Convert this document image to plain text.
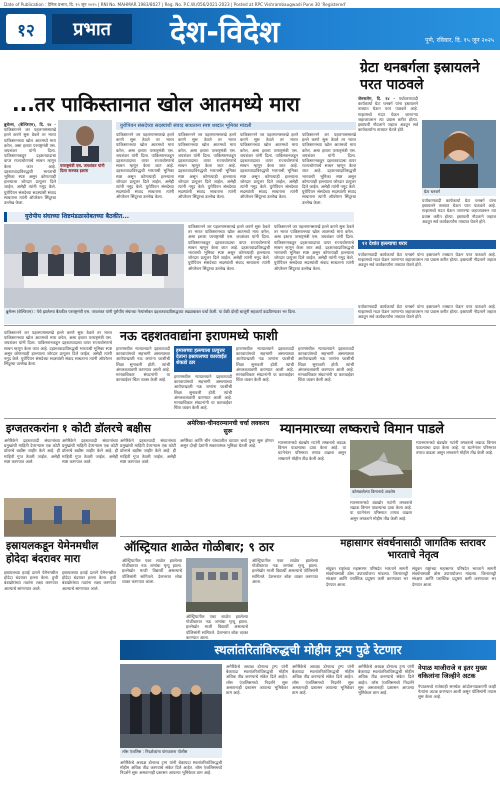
Date of Publication : दैनिक प्रभात, दि. १५ जून २०२५ | RNI No. MAHMAR 1983/8027 | Reg. No. P.C.W./056/2021-2023 | Posted at RPC Vishrambaugwadi Pune 30 'Registered'
१२	प्रभात	देश-विदेश	पुणे, रविवार, दि. १५ जून २०२५
...तर पाकिस्तानात खोल आतमध्ये मारा
ग्रेटा थनबर्गला इस्रायलने परत पाठवले
ब्रुसेल्स, (बेल्जियम), दि. १४ - पाकिस्तानने जर पहलगामसारखे हल्ले करणे सुरू ठेवले तर भारत पाकिस्तानच्या खोल आतमध्ये मारा करेल, असा इशारा परराष्ट्रमंत्री एस. जयशंकर यांनी दिला. पाकिस्तानकडून दहशतवादाचा वापर राज्यधोरणाचे साधन म्हणून केला जात आहे. दहशतवादाविरुद्धची भारताची भूमिका स्पष्ट असून कोणत्याही हल्ल्याला जोरदार प्रत्युत्तर दिले जाईल, असेही त्यांनी नमूद केले. युरोपियन संसदेच्या सदस्यांशी संवाद साधताना त्यांनी ऑपरेशन सिंदूरचा उल्लेख केला.
परराष्ट्रमंत्री एस. जयशंकर यांनी दिला सज्जड इशारा
युरोपियन संसदेच्या सदस्यांशी संवाद साधताना स्पष्ट शब्दांत भूमिका मांडली
पाकिस्तानने जर पहलगामसारखे हल्ले करणे सुरू ठेवले तर भारत पाकिस्तानच्या खोल आतमध्ये मारा करेल, असा इशारा परराष्ट्रमंत्री एस. जयशंकर यांनी दिला. पाकिस्तानकडून दहशतवादाचा वापर राज्यधोरणाचे साधन म्हणून केला जात आहे. दहशतवादाविरुद्धची भारताची भूमिका स्पष्ट असून कोणत्याही हल्ल्याला जोरदार प्रत्युत्तर दिले जाईल, असेही त्यांनी नमूद केले. युरोपियन संसदेच्या सदस्यांशी संवाद साधताना त्यांनी ऑपरेशन सिंदूरचा उल्लेख केला.
पाकिस्तानने जर पहलगामसारखे हल्ले करणे सुरू ठेवले तर भारत पाकिस्तानच्या खोल आतमध्ये मारा करेल, असा इशारा परराष्ट्रमंत्री एस. जयशंकर यांनी दिला. पाकिस्तानकडून दहशतवादाचा वापर राज्यधोरणाचे साधन म्हणून केला जात आहे. दहशतवादाविरुद्धची भारताची भूमिका स्पष्ट असून कोणत्याही हल्ल्याला जोरदार प्रत्युत्तर दिले जाईल, असेही त्यांनी नमूद केले. युरोपियन संसदेच्या सदस्यांशी संवाद साधताना त्यांनी ऑपरेशन सिंदूरचा उल्लेख केला.
पाकिस्तानने जर पहलगामसारखे हल्ले करणे सुरू ठेवले तर भारत पाकिस्तानच्या खोल आतमध्ये मारा करेल, असा इशारा परराष्ट्रमंत्री एस. जयशंकर यांनी दिला. पाकिस्तानकडून दहशतवादाचा वापर राज्यधोरणाचे साधन म्हणून केला जात आहे. दहशतवादाविरुद्धची भारताची भूमिका स्पष्ट असून कोणत्याही हल्ल्याला जोरदार प्रत्युत्तर दिले जाईल, असेही त्यांनी नमूद केले. युरोपियन संसदेच्या सदस्यांशी संवाद साधताना त्यांनी ऑपरेशन सिंदूरचा उल्लेख केला.
पाकिस्तानने जर पहलगामसारखे हल्ले करणे सुरू ठेवले तर भारत पाकिस्तानच्या खोल आतमध्ये मारा करेल, असा इशारा परराष्ट्रमंत्री एस. जयशंकर यांनी दिला. पाकिस्तानकडून दहशतवादाचा वापर राज्यधोरणाचे साधन म्हणून केला जात आहे. दहशतवादाविरुद्धची भारताची भूमिका स्पष्ट असून कोणत्याही हल्ल्याला जोरदार प्रत्युत्तर दिले जाईल, असेही त्यांनी नमूद केले. युरोपियन संसदेच्या सदस्यांशी संवाद साधताना त्यांनी ऑपरेशन सिंदूरचा उल्लेख केला.
जेरुसलेम, दि. १४ - पर्यावरणवादी कार्यकर्त्या ग्रेटा थनबर्ग यांना इस्रायलने ताब्यात घेऊन परत पाठवले आहे. गाझामध्ये मदत घेऊन जाणाऱ्या जहाजावरून त्या प्रवास करीत होत्या. इस्रायली नौदलाने जहाज अडवून सर्व कार्यकर्त्यांना ताब्यात घेतले होते.
ग्रेटा थनबर्ग
पर्यावरणवादी कार्यकर्त्या ग्रेटा थनबर्ग यांना इस्रायलने ताब्यात घेऊन परत पाठवले आहे. गाझामध्ये मदत घेऊन जाणाऱ्या जहाजावरून त्या प्रवास करीत होत्या. इस्रायली नौदलाने जहाज अडवून सर्व कार्यकर्त्यांना ताब्यात घेतले होते.
१२ देशांत हल्ल्याचा थरार
पर्यावरणवादी कार्यकर्त्या ग्रेटा थनबर्ग यांना इस्रायलने ताब्यात घेऊन परत पाठवले आहे. गाझामध्ये मदत घेऊन जाणाऱ्या जहाजावरून त्या प्रवास करीत होत्या. इस्रायली नौदलाने जहाज अडवून सर्व कार्यकर्त्यांना ताब्यात घेतले होते.
युरोपीय संघाच्या शिष्टमंडळासोबतच्या बैठकीत...
पाकिस्तानने जर पहलगामसारखे हल्ले करणे सुरू ठेवले तर भारत पाकिस्तानच्या खोल आतमध्ये मारा करेल, असा इशारा परराष्ट्रमंत्री एस. जयशंकर यांनी दिला. पाकिस्तानकडून दहशतवादाचा वापर राज्यधोरणाचे साधन म्हणून केला जात आहे. दहशतवादाविरुद्धची भारताची भूमिका स्पष्ट असून कोणत्याही हल्ल्याला जोरदार प्रत्युत्तर दिले जाईल, असेही त्यांनी नमूद केले. युरोपियन संसदेच्या सदस्यांशी संवाद साधताना त्यांनी ऑपरेशन सिंदूरचा उल्लेख केला.
पाकिस्तानने जर पहलगामसारखे हल्ले करणे सुरू ठेवले तर भारत पाकिस्तानच्या खोल आतमध्ये मारा करेल, असा इशारा परराष्ट्रमंत्री एस. जयशंकर यांनी दिला. पाकिस्तानकडून दहशतवादाचा वापर राज्यधोरणाचे साधन म्हणून केला जात आहे. दहशतवादाविरुद्धची भारताची भूमिका स्पष्ट असून कोणत्याही हल्ल्याला जोरदार प्रत्युत्तर दिले जाईल, असेही त्यांनी नमूद केले. युरोपियन संसदेच्या सदस्यांशी संवाद साधताना त्यांनी ऑपरेशन सिंदूरचा उल्लेख केला.
ब्रुसेल्स (बेल्जियम) : येथे झालेल्या बैठकीत परराष्ट्रमंत्री एस. जयशंकर यांनी युरोपीय संघाच्या नेत्यांसोबत दहशतवादाविरुद्धच्या लढ्याबाबत चर्चा केली. या वेळी दोन्ही बाजूंनी सहकार्य वाढविण्यावर भर दिला.
नऊ दहशतवाद्यांना इराणमध्ये फाशी
इराणमधील न्यायालयाने दहशतवादी कारवायांमध्ये सहभागी असल्याच्या आरोपाखाली नऊ जणांना फाशीची शिक्षा सुनावली होती. त्यांची अंमलबजावणी करण्यात आली आहे. मानवाधिकार संघटनांनी या कारवाईवर चिंता व्यक्त केली आहे.
हमासच्या हल्ल्याला प्रत्युत्तर देताना इस्रायलच्या कारवाईत शेकडो ठार
इराणमधील न्यायालयाने दहशतवादी कारवायांमध्ये सहभागी असल्याच्या आरोपाखाली नऊ जणांना फाशीची शिक्षा सुनावली होती. त्यांची अंमलबजावणी करण्यात आली आहे. मानवाधिकार संघटनांनी या कारवाईवर चिंता व्यक्त केली आहे.
इराणमधील न्यायालयाने दहशतवादी कारवायांमध्ये सहभागी असल्याच्या आरोपाखाली नऊ जणांना फाशीची शिक्षा सुनावली होती. त्यांची अंमलबजावणी करण्यात आली आहे. मानवाधिकार संघटनांनी या कारवाईवर चिंता व्यक्त केली आहे.
इराणमधील न्यायालयाने दहशतवादी कारवायांमध्ये सहभागी असल्याच्या आरोपाखाली नऊ जणांना फाशीची शिक्षा सुनावली होती. त्यांची अंमलबजावणी करण्यात आली आहे. मानवाधिकार संघटनांनी या कारवाईवर चिंता व्यक्त केली आहे.
पाकिस्तानने जर पहलगामसारखे हल्ले करणे सुरू ठेवले तर भारत पाकिस्तानच्या खोल आतमध्ये मारा करेल, असा इशारा परराष्ट्रमंत्री एस. जयशंकर यांनी दिला. पाकिस्तानकडून दहशतवादाचा वापर राज्यधोरणाचे साधन म्हणून केला जात आहे. दहशतवादाविरुद्धची भारताची भूमिका स्पष्ट असून कोणत्याही हल्ल्याला जोरदार प्रत्युत्तर दिले जाईल, असेही त्यांनी नमूद केले. युरोपियन संसदेच्या सदस्यांशी संवाद साधताना त्यांनी ऑपरेशन सिंदूरचा उल्लेख केला.
पर्यावरणवादी कार्यकर्त्या ग्रेटा थनबर्ग यांना इस्रायलने ताब्यात घेऊन परत पाठवले आहे. गाझामध्ये मदत घेऊन जाणाऱ्या जहाजावरून त्या प्रवास करीत होत्या. इस्रायली नौदलाने जहाज अडवून सर्व कार्यकर्त्यांना ताब्यात घेतले होते.
इग्जतरकरांना १ कोटी डॉलरचे बक्षीस
अमेरिकेने दहशतवादी संघटनांच्या प्रमुखांची माहिती देणाऱ्यास एक कोटी डॉलरचे बक्षीस जाहीर केले आहे. ही माहिती गुप्त ठेवली जाईल, असेही स्पष्ट करण्यात आले.
अमेरिकेने दहशतवादी संघटनांच्या प्रमुखांची माहिती देणाऱ्यास एक कोटी डॉलरचे बक्षीस जाहीर केले आहे. ही माहिती गुप्त ठेवली जाईल, असेही स्पष्ट करण्यात आले.
अमेरिकेने दहशतवादी संघटनांच्या प्रमुखांची माहिती देणाऱ्यास एक कोटी डॉलरचे बक्षीस जाहीर केले आहे. ही माहिती गुप्त ठेवली जाईल, असेही स्पष्ट करण्यात आले.
अमेरिका-चीनदरम्यानची चर्चा लवकरच सुरू
अमेरिका आणि चीन यांच्यातील व्यापार चर्चा पुन्हा सुरू होणार असून दोन्ही देशांनी सकारात्मक भूमिका घेतली आहे.
म्यानमारच्या लष्कराचे विमान पाडले
म्यानमारमध्ये बंडखोर गटांनी लष्कराचे लढाऊ विमान पाडल्याचा दावा केला आहे. या घटनेनंतर परिसरात तणाव वाढला असून लष्कराने मोहीम तीव्र केली आहे.
कोसळलेल्या विमानाचे अवशेष
म्यानमारमध्ये बंडखोर गटांनी लष्कराचे लढाऊ विमान पाडल्याचा दावा केला आहे. या घटनेनंतर परिसरात तणाव वाढला असून लष्कराने मोहीम तीव्र केली आहे.
म्यानमारमध्ये बंडखोर गटांनी लष्कराचे लढाऊ विमान पाडल्याचा दावा केला आहे. या घटनेनंतर परिसरात तणाव वाढला असून लष्कराने मोहीम तीव्र केली आहे.
ऑस्ट्रियात शाळेत गोळीबार; ९ ठार
ऑस्ट्रियातील एका शाळेत झालेल्या गोळीबारात नऊ जणांचा मृत्यू झाला. हल्लेखोर माजी विद्यार्थी असल्याचे पोलिसांनी सांगितले. देशभरात शोक व्यक्त करण्यात आला.
ऑस्ट्रियातील एका शाळेत झालेल्या गोळीबारात नऊ जणांचा मृत्यू झाला. हल्लेखोर माजी विद्यार्थी असल्याचे पोलिसांनी सांगितले. देशभरात शोक व्यक्त करण्यात आला.
ऑस्ट्रियातील एका शाळेत झालेल्या गोळीबारात नऊ जणांचा मृत्यू झाला. हल्लेखोर माजी विद्यार्थी असल्याचे पोलिसांनी सांगितले. देशभरात शोक व्यक्त करण्यात आला.
महासागर संवर्धनासाठी जागतिक स्तरावर भारताचे नेतृत्व
संयुक्त राष्ट्रांच्या महासागर परिषदेत भारताने सागरी संवर्धनासाठी ठोस उपाययोजना मांडल्या. किनारपट्टी संरक्षण आणि प्लास्टिक प्रदूषण कमी करण्यावर भर देण्यात आला.
संयुक्त राष्ट्रांच्या महासागर परिषदेत भारताने सागरी संवर्धनासाठी ठोस उपाययोजना मांडल्या. किनारपट्टी संरक्षण आणि प्लास्टिक प्रदूषण कमी करण्यावर भर देण्यात आला.
इस्रायलकडून येमेनमधील होदेदा बंदरावर मारा
इस्रायलच्या हवाई दलाने येमेनमधील होदेदा बंदरावर हल्ला केला. हुथी बंडखोरांच्या तळांना लक्ष्य करण्यात आल्याचे सांगण्यात आले.
इस्रायलच्या हवाई दलाने येमेनमधील होदेदा बंदरावर हल्ला केला. हुथी बंडखोरांच्या तळांना लक्ष्य करण्यात आल्याचे सांगण्यात आले.
स्थलांतरितांविरुद्धची मोहीम ट्रम्प पुढे रेटणार
लॉस एंजलिस : निदर्शकांना पांगवताना पोलीस
अमेरिकेचे अध्यक्ष डोनाल्ड ट्रम्प यांनी बेकायदा स्थलांतरितांविरुद्धची मोहीम अधिक तीव्र करण्याचे संकेत दिले आहेत. लॉस एंजलिसमध्ये निदर्शने सुरू असतानाही प्रशासन आपल्या भूमिकेवर ठाम आहे.
अमेरिकेचे अध्यक्ष डोनाल्ड ट्रम्प यांनी बेकायदा स्थलांतरितांविरुद्धची मोहीम अधिक तीव्र करण्याचे संकेत दिले आहेत. लॉस एंजलिसमध्ये निदर्शने सुरू असतानाही प्रशासन आपल्या भूमिकेवर ठाम आहे.
अमेरिकेचे अध्यक्ष डोनाल्ड ट्रम्प यांनी बेकायदा स्थलांतरितांविरुद्धची मोहीम अधिक तीव्र करण्याचे संकेत दिले आहेत. लॉस एंजलिसमध्ये निदर्शने सुरू असतानाही प्रशासन आपल्या भूमिकेवर ठाम आहे.
अमेरिकेचे अध्यक्ष डोनाल्ड ट्रम्प यांनी बेकायदा स्थलांतरितांविरुद्धची मोहीम अधिक तीव्र करण्याचे संकेत दिले आहेत. लॉस एंजलिसमध्ये निदर्शने सुरू असतानाही प्रशासन आपल्या भूमिकेवर ठाम आहे.
नेपाळ माजीराजे व इतर मुख्य वकिलांना जिल्हीने अटक
नेपाळमध्ये राजेशाही समर्थक आंदोलनाप्रकरणी काही नेत्यांना अटक करण्यात आली असून पोलिसांनी तपास सुरू केला आहे.
